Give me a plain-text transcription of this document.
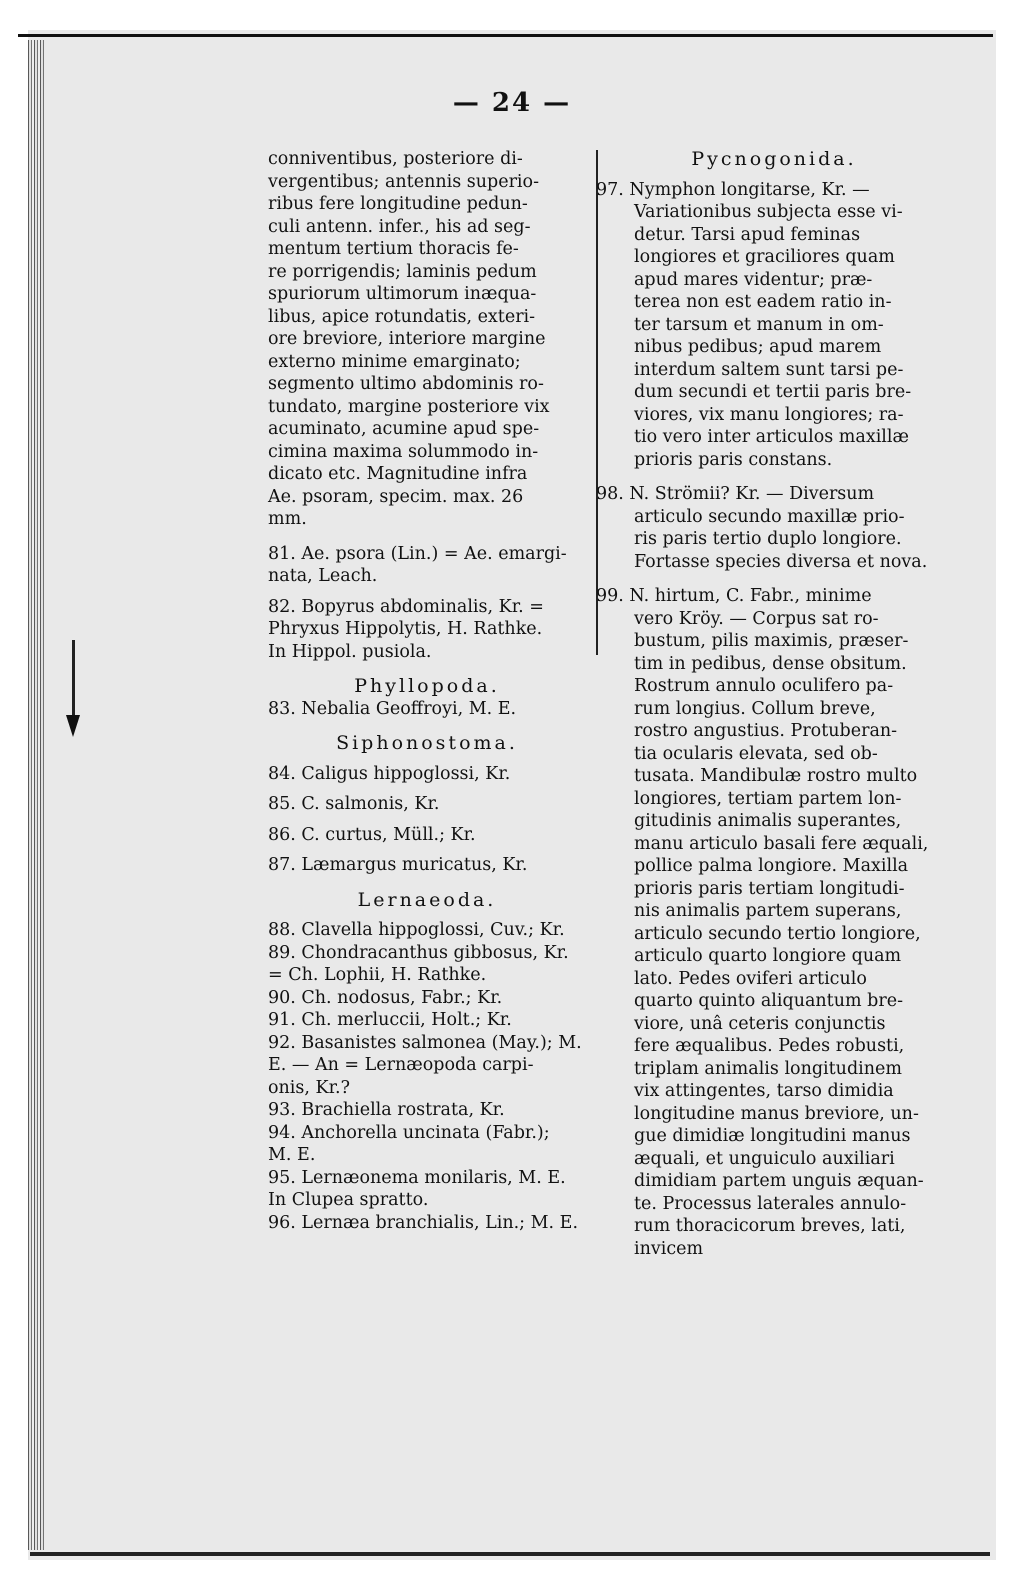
— 24 —
conniventibus, posteriore di-
vergentibus; antennis superio-
ribus fere longitudine pedun-
culi antenn. infer., his ad seg-
mentum tertium thoracis fe-
re porrigendis; laminis pedum
spuriorum ultimorum inæqua-
libus, apice rotundatis, exteri-
ore breviore, interiore margine
externo minime emarginato;
segmento ultimo abdominis ro-
tundato, margine posteriore vix
acuminato, acumine apud spe-
cimina maxima solummodo in-
dicato etc. Magnitudine infra
Ae. psoram, specim. max. 26
mm.
81. Ae. psora (Lin.) = Ae. emargi-
nata, Leach.
82. Bopyrus abdominalis, Kr. =
Phryxus Hippolytis, H. Rathke.
In Hippol. pusiola.
Phyllopoda.
83. Nebalia Geoffroyi, M. E.
Siphonostoma.
84. Caligus hippoglossi, Kr.
85. C. salmonis, Kr.
86. C. curtus, Müll.; Kr.
87. Læmargus muricatus, Kr.
Lernaeoda.
88. Clavella hippoglossi, Cuv.; Kr.
89. Chondracanthus gibbosus, Kr.
= Ch. Lophii, H. Rathke.
90. Ch. nodosus, Fabr.; Kr.
91. Ch. merluccii, Holt.; Kr.
92. Basanistes salmonea (May.); M.
E. — An = Lernæopoda carpi-
onis, Kr.?
93. Brachiella rostrata, Kr.
94. Anchorella uncinata (Fabr.);
M. E.
95. Lernæonema monilaris, M. E.
In Clupea spratto.
96. Lernæa branchialis, Lin.; M. E.
Pycnogonida.
97. Nymphon longitarse, Kr. —
Variationibus subjecta esse vi-
detur. Tarsi apud feminas
longiores et graciliores quam
apud mares videntur; præ-
terea non est eadem ratio in-
ter tarsum et manum in om-
nibus pedibus; apud marem
interdum saltem sunt tarsi pe-
dum secundi et tertii paris bre-
viores, vix manu longiores; ra-
tio vero inter articulos maxillæ
prioris paris constans.
98. N. Strömii? Kr. — Diversum
articulo secundo maxillæ prio-
ris paris tertio duplo longiore.
Fortasse species diversa et nova.
99. N. hirtum, C. Fabr., minime
vero Kröy. — Corpus sat ro-
bustum, pilis maximis, præser-
tim in pedibus, dense obsitum.
Rostrum annulo oculifero pa-
rum longius. Collum breve,
rostro angustius. Protuberan-
tia ocularis elevata, sed ob-
tusata. Mandibulæ rostro multo
longiores, tertiam partem lon-
gitudinis animalis superantes,
manu articulo basali fere æquali,
pollice palma longiore. Maxilla
prioris paris tertiam longitudi-
nis animalis partem superans,
articulo secundo tertio longiore,
articulo quarto longiore quam
lato. Pedes oviferi articulo
quarto quinto aliquantum bre-
viore, unâ ceteris conjunctis
fere æqualibus. Pedes robusti,
triplam animalis longitudinem
vix attingentes, tarso dimidia
longitudine manus breviore, un-
gue dimidiæ longitudini manus
æquali, et unguiculo auxiliari
dimidiam partem unguis æquan-
te. Processus laterales annulo-
rum thoracicorum breves, lati,
invicem
